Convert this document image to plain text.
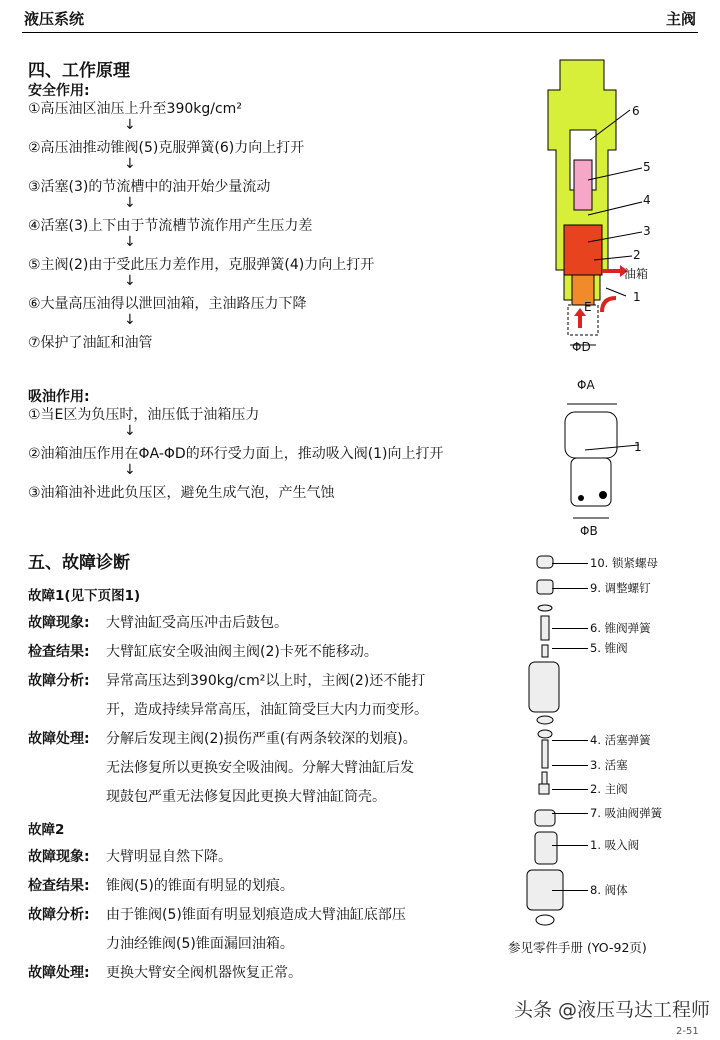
液压系统	主阀
四、工作原理
安全作用:
吸油作用:
6
5
4
3
2
1
油箱
E
ΦD
ΦA
ΦB
1
五、故障诊断
故障1(见下页图1)
故障2
参见零件手册 (YO-92页)
头条 @液压马达工程师
2-51
①高压油区油压上升至390kg/cm²
↓
②高压油推动锥阀(5)克服弹簧(6)力向上打开
↓
③活塞(3)的节流槽中的油开始少量流动
↓
④活塞(3)上下由于节流槽节流作用产生压力差
↓
⑤主阀(2)由于受此压力差作用，克服弹簧(4)力向上打开
↓
⑥大量高压油得以泄回油箱，主油路压力下降
↓
⑦保护了油缸和油管
①当E区为负压时，油压低于油箱压力
↓
②油箱油压作用在ΦA-ΦD的环行受力面上，推动吸入阀(1)向上打开
↓
③油箱油补进此负压区，避免生成气泡，产生气蚀
故障现象: 大臂油缸受高压冲击后鼓包。
检查结果: 大臂缸底安全吸油阀主阀(2)卡死不能移动。
故障分析: 异常高压达到390kg/cm²以上时，主阀(2)还不能打
开，造成持续异常高压，油缸筒受巨大内力而变形。
故障处理: 分解后发现主阀(2)损伤严重(有两条较深的划痕)。
无法修复所以更换安全吸油阀。分解大臂油缸后发
现鼓包严重无法修复因此更换大臂油缸筒壳。
故障现象: 大臂明显自然下降。
检查结果: 锥阀(5)的锥面有明显的划痕。
故障分析: 由于锥阀(5)锥面有明显划痕造成大臂油缸底部压
力油经锥阀(5)锥面漏回油箱。
故障处理: 更换大臂安全阀机器恢复正常。
10. 锁紧螺母
9. 调整螺钉
6. 锥阀弹簧
5. 锥阀
4. 活塞弹簧
3. 活塞
2. 主阀
7. 吸油阀弹簧
1. 吸入阀
8. 阀体
